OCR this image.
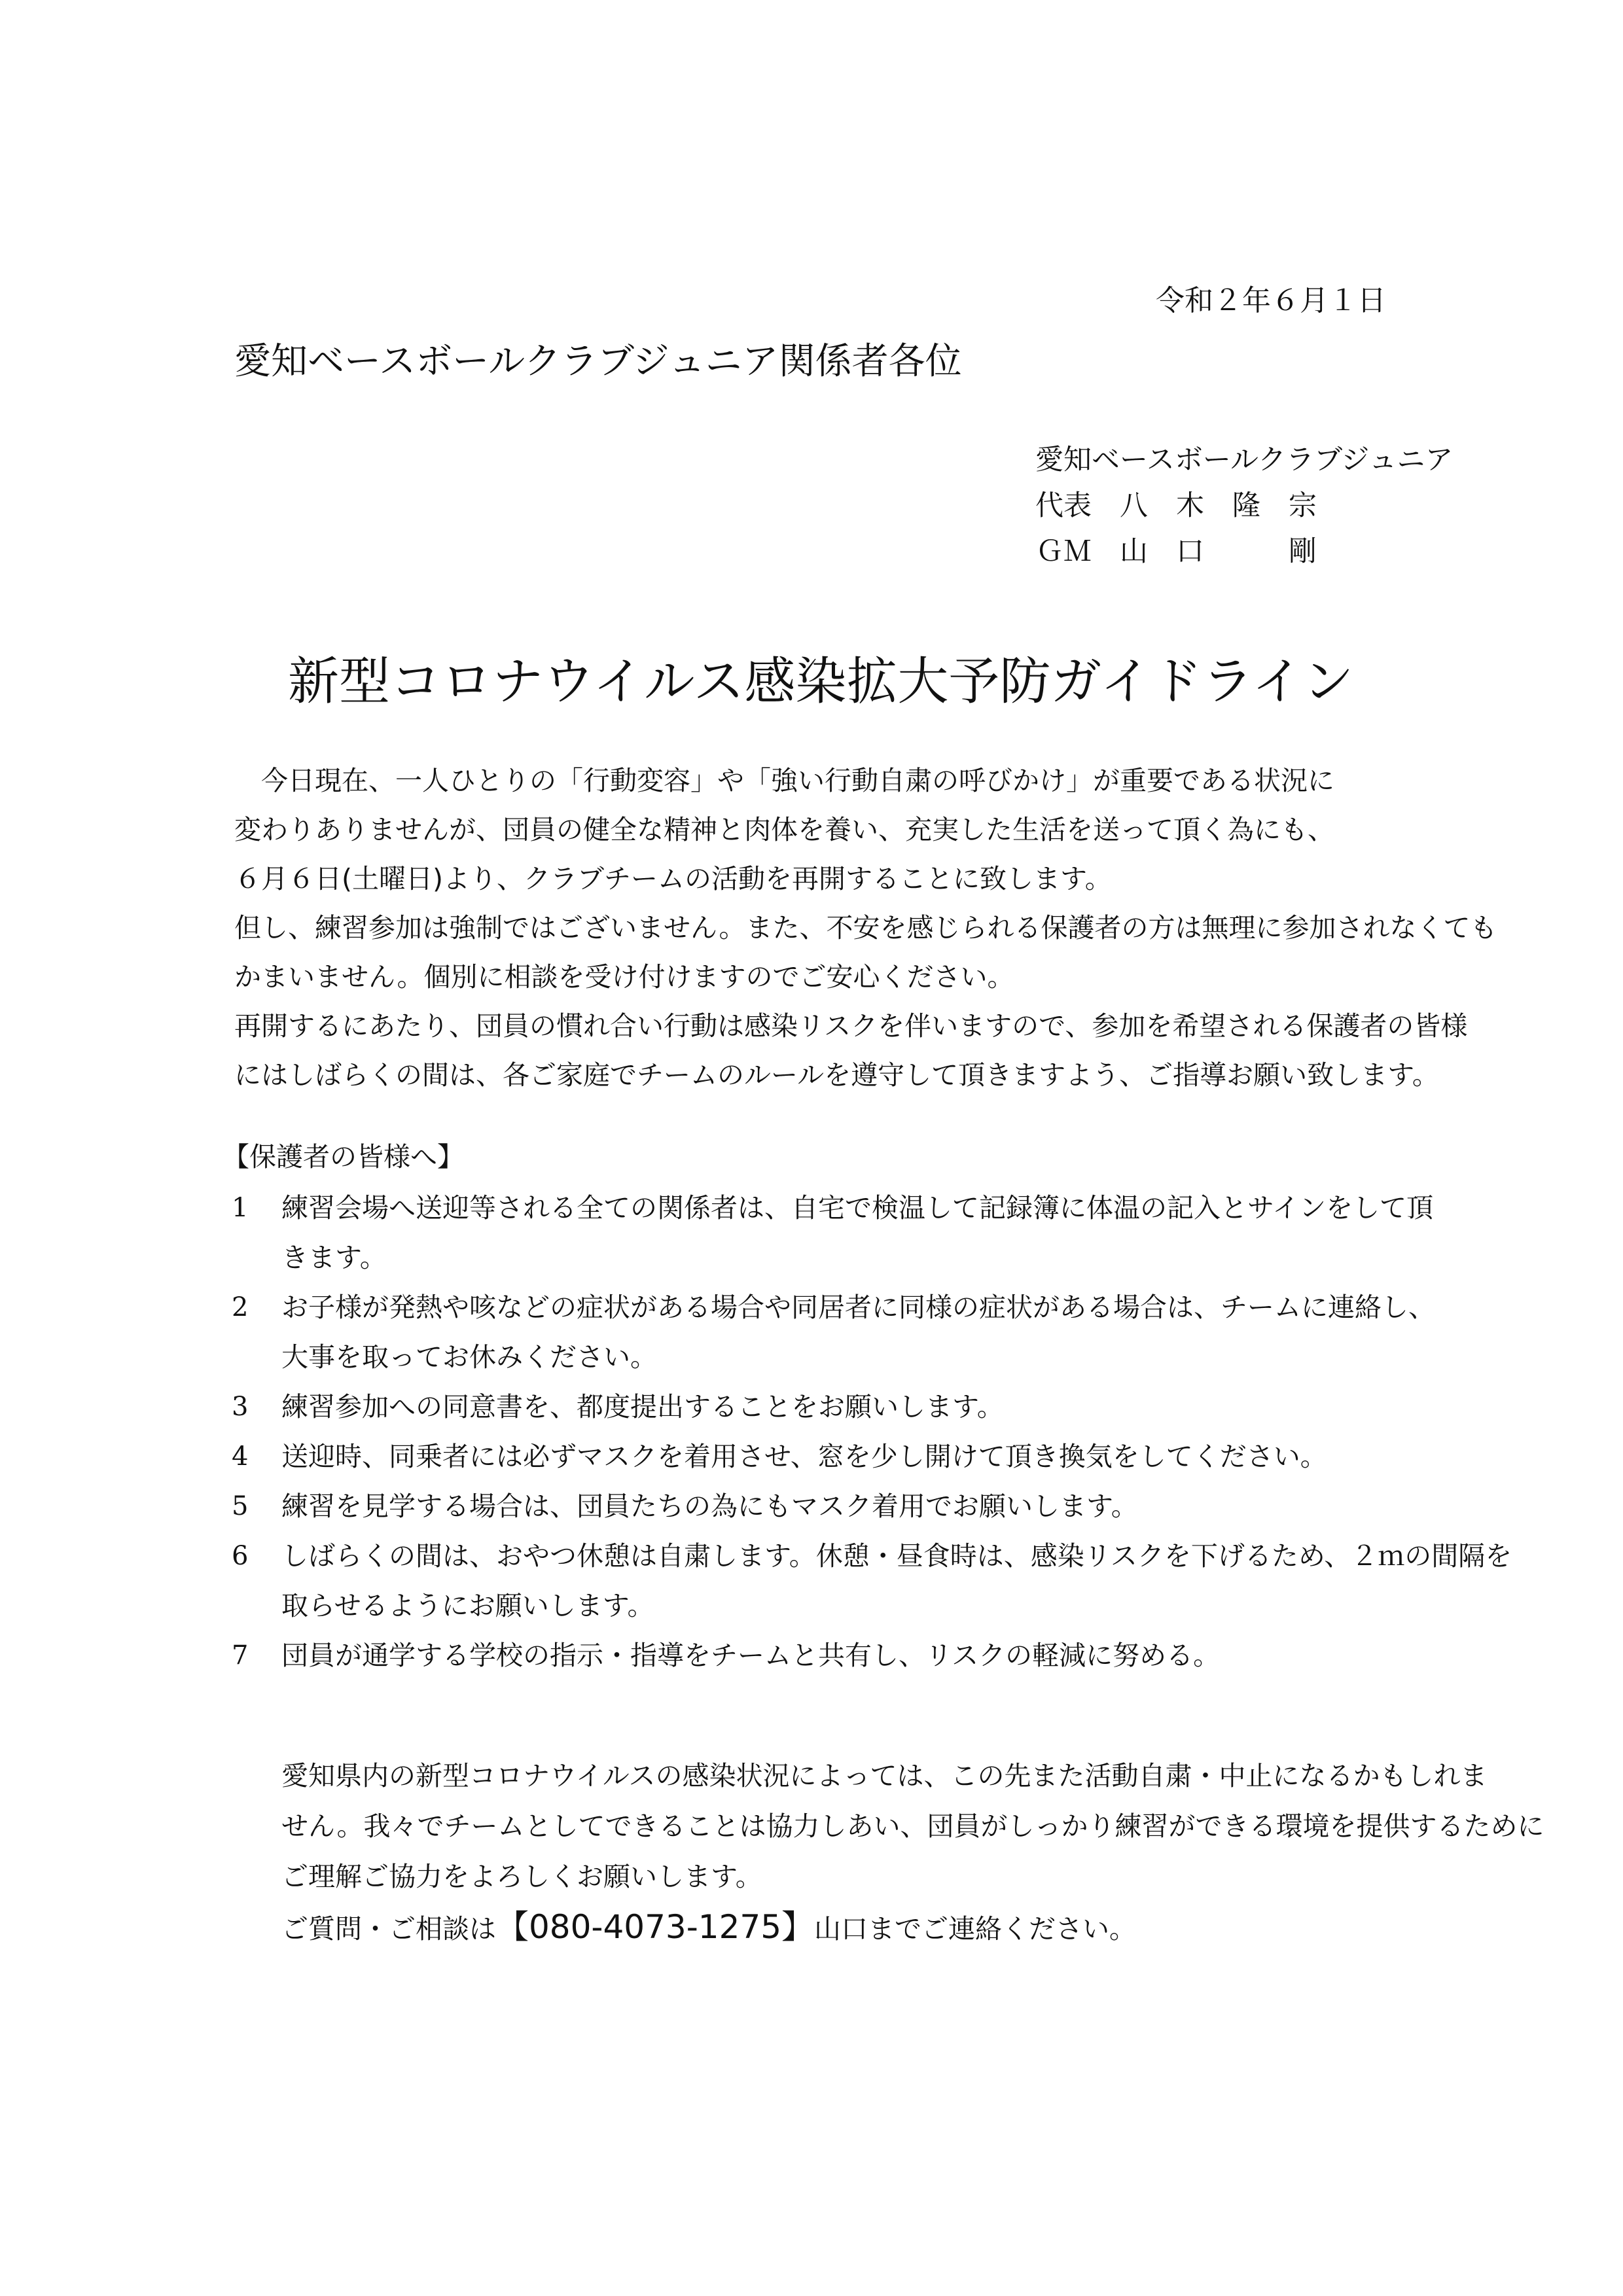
令和２年６月１日
愛知ベースボールクラブジュニア関係者各位
愛知ベースボールクラブジュニア
代表　八　木　隆　宗
ＧＭ　山　口　　　剛
新型コロナウイルス感染拡大予防ガイドライン
　今日現在、一人ひとりの「行動変容」や「強い行動自粛の呼びかけ」が重要である状況に
変わりありませんが、団員の健全な精神と肉体を養い、充実した生活を送って頂く為にも、
６月６日(土曜日)より、クラブチームの活動を再開することに致します。
但し、練習参加は強制ではございません。また、不安を感じられる保護者の方は無理に参加されなくても
かまいません。個別に相談を受け付けますのでご安心ください。
再開するにあたり、団員の慣れ合い行動は感染リスクを伴いますので、参加を希望される保護者の皆様
にはしばらくの間は、各ご家庭でチームのルールを遵守して頂きますよう、ご指導お願い致します。
【保護者の皆様へ】
1	練習会場へ送迎等される全ての関係者は、自宅で検温して記録簿に体温の記入とサインをして頂
きます。
2	お子様が発熱や咳などの症状がある場合や同居者に同様の症状がある場合は、チームに連絡し、
大事を取ってお休みください。
3	練習参加への同意書を、都度提出することをお願いします。
4	送迎時、同乗者には必ずマスクを着用させ、窓を少し開けて頂き換気をしてください。
5	練習を見学する場合は、団員たちの為にもマスク着用でお願いします。
6	しばらくの間は、おやつ休憩は自粛します。休憩・昼食時は、感染リスクを下げるため、２ｍの間隔を
取らせるようにお願いします。
7	団員が通学する学校の指示・指導をチームと共有し、リスクの軽減に努める。
愛知県内の新型コロナウイルスの感染状況によっては、この先また活動自粛・中止になるかもしれま
せん。我々でチームとしてできることは協力しあい、団員がしっかり練習ができる環境を提供するために
ご理解ご協力をよろしくお願いします。
ご質問・ご相談は【080-4073-1275】山口までご連絡ください。
